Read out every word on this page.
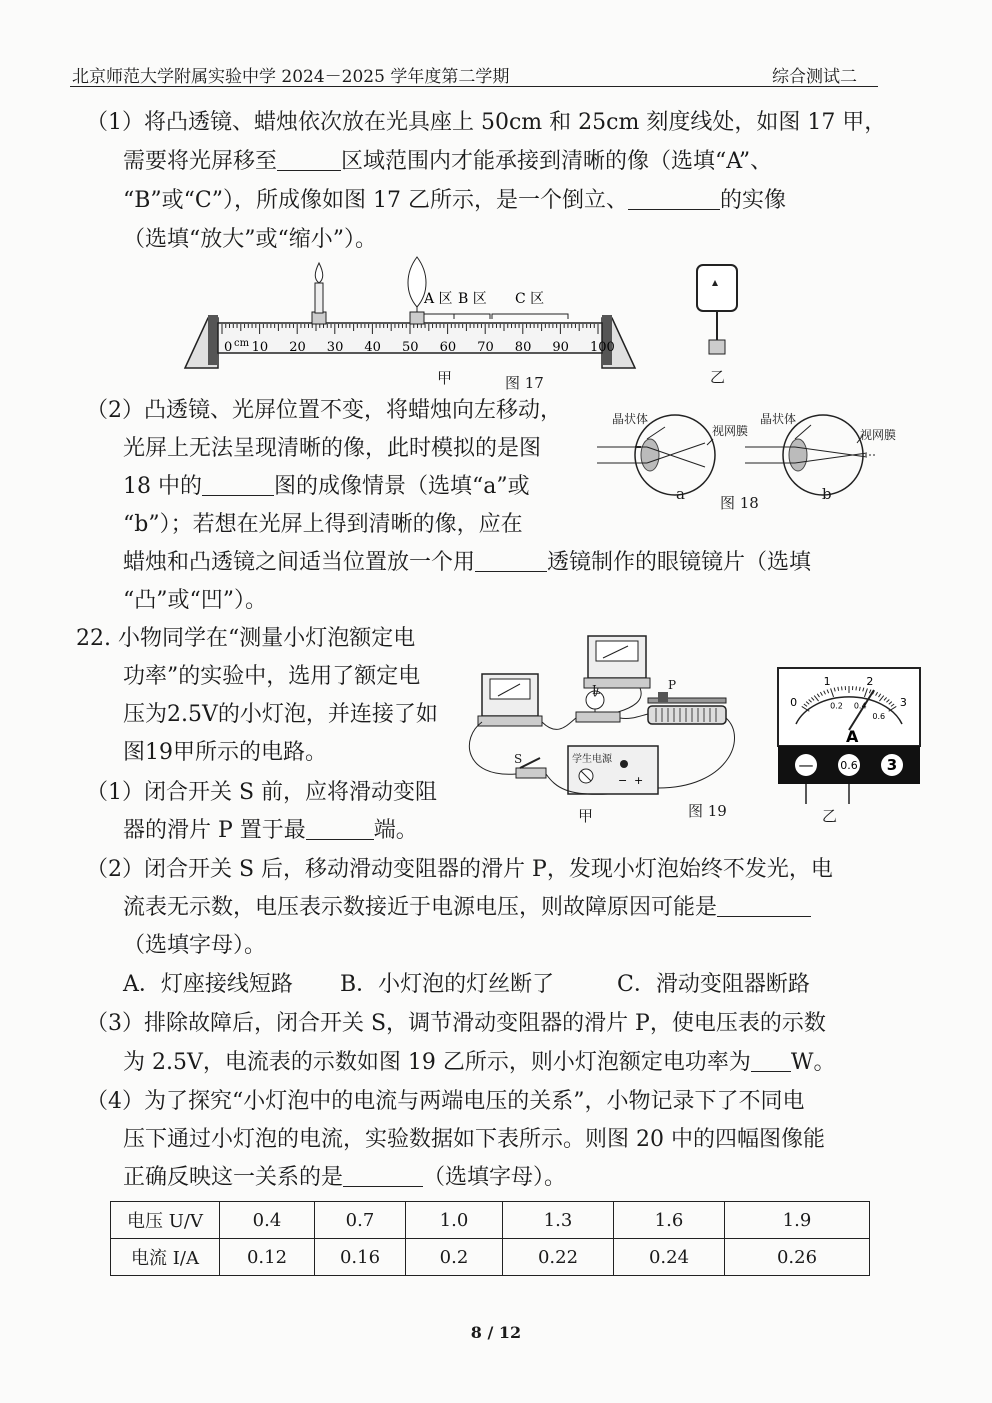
北京师范大学附属实验中学 2024－2025 学年度第二学期	综合测试二
（1）将凸透镜、蜡烛依次放在光具座上 50cm 和 25cm 刻度线处，如图 17 甲，
需要将光屏移至	区域范围内才能承接到清晰的像（选填“A”、
“B”或“C”），所成像如图 17 乙所示，是一个倒立、	的实像
（选填“放大”或“缩小”）。
cm
0 10 20 30 40 50 60 70 80 90 100
A 区 B 区 C 区
甲	图 17	乙
（2）凸透镜、光屏位置不变，将蜡烛向左移动，
光屏上无法呈现清晰的像，此时模拟的是图
18 中的	图的成像情景（选填“a”或
“b”）；若想在光屏上得到清晰的像，应在
蜡烛和凸透镜之间适当位置放一个用	透镜制作的眼镜镜片（选填
“凸”或“凹”）。
晶状体
视网膜
晶状体
视网膜
a 图 18	b
22. 小物同学在“测量小灯泡额定电
功率”的实验中，选用了额定电
压为2.5V的小灯泡，并连接了如
图19甲所示的电路。
（1）闭合开关 S 前，应将滑动变阻
器的滑片 P 置于最	端。
− +
L	P
S	学生电源
甲	图 19
A
— 0.6 3
0
1	2
3
0.2 0.4
0.6
乙
（2）闭合开关 S 后，移动滑动变阻器的滑片 P，发现小灯泡始终不发光，电
流表无示数，电压表示数接近于电源电压，则故障原因可能是
（选填字母）。
A．灯座接线短路 B．小灯泡的灯丝断了	C．滑动变阻器断路
（3）排除故障后，闭合开关 S，调节滑动变阻器的滑片 P，使电压表的示数
为 2.5V，电流表的示数如图 19 乙所示，则小灯泡额定电功率为 W。
（4）为了探究“小灯泡中的电流与两端电压的关系”，小物记录下了不同电
压下通过小灯泡的电流，实验数据如下表所示。则图 20 中的四幅图像能
正确反映这一关系的是	（选填字母）。
电压 U/V	0.4	0.7	1.0	1.3	1.6	1.9
电流 I/A	0.12	0.16	0.2	0.22	0.24	0.26
8 / 12
